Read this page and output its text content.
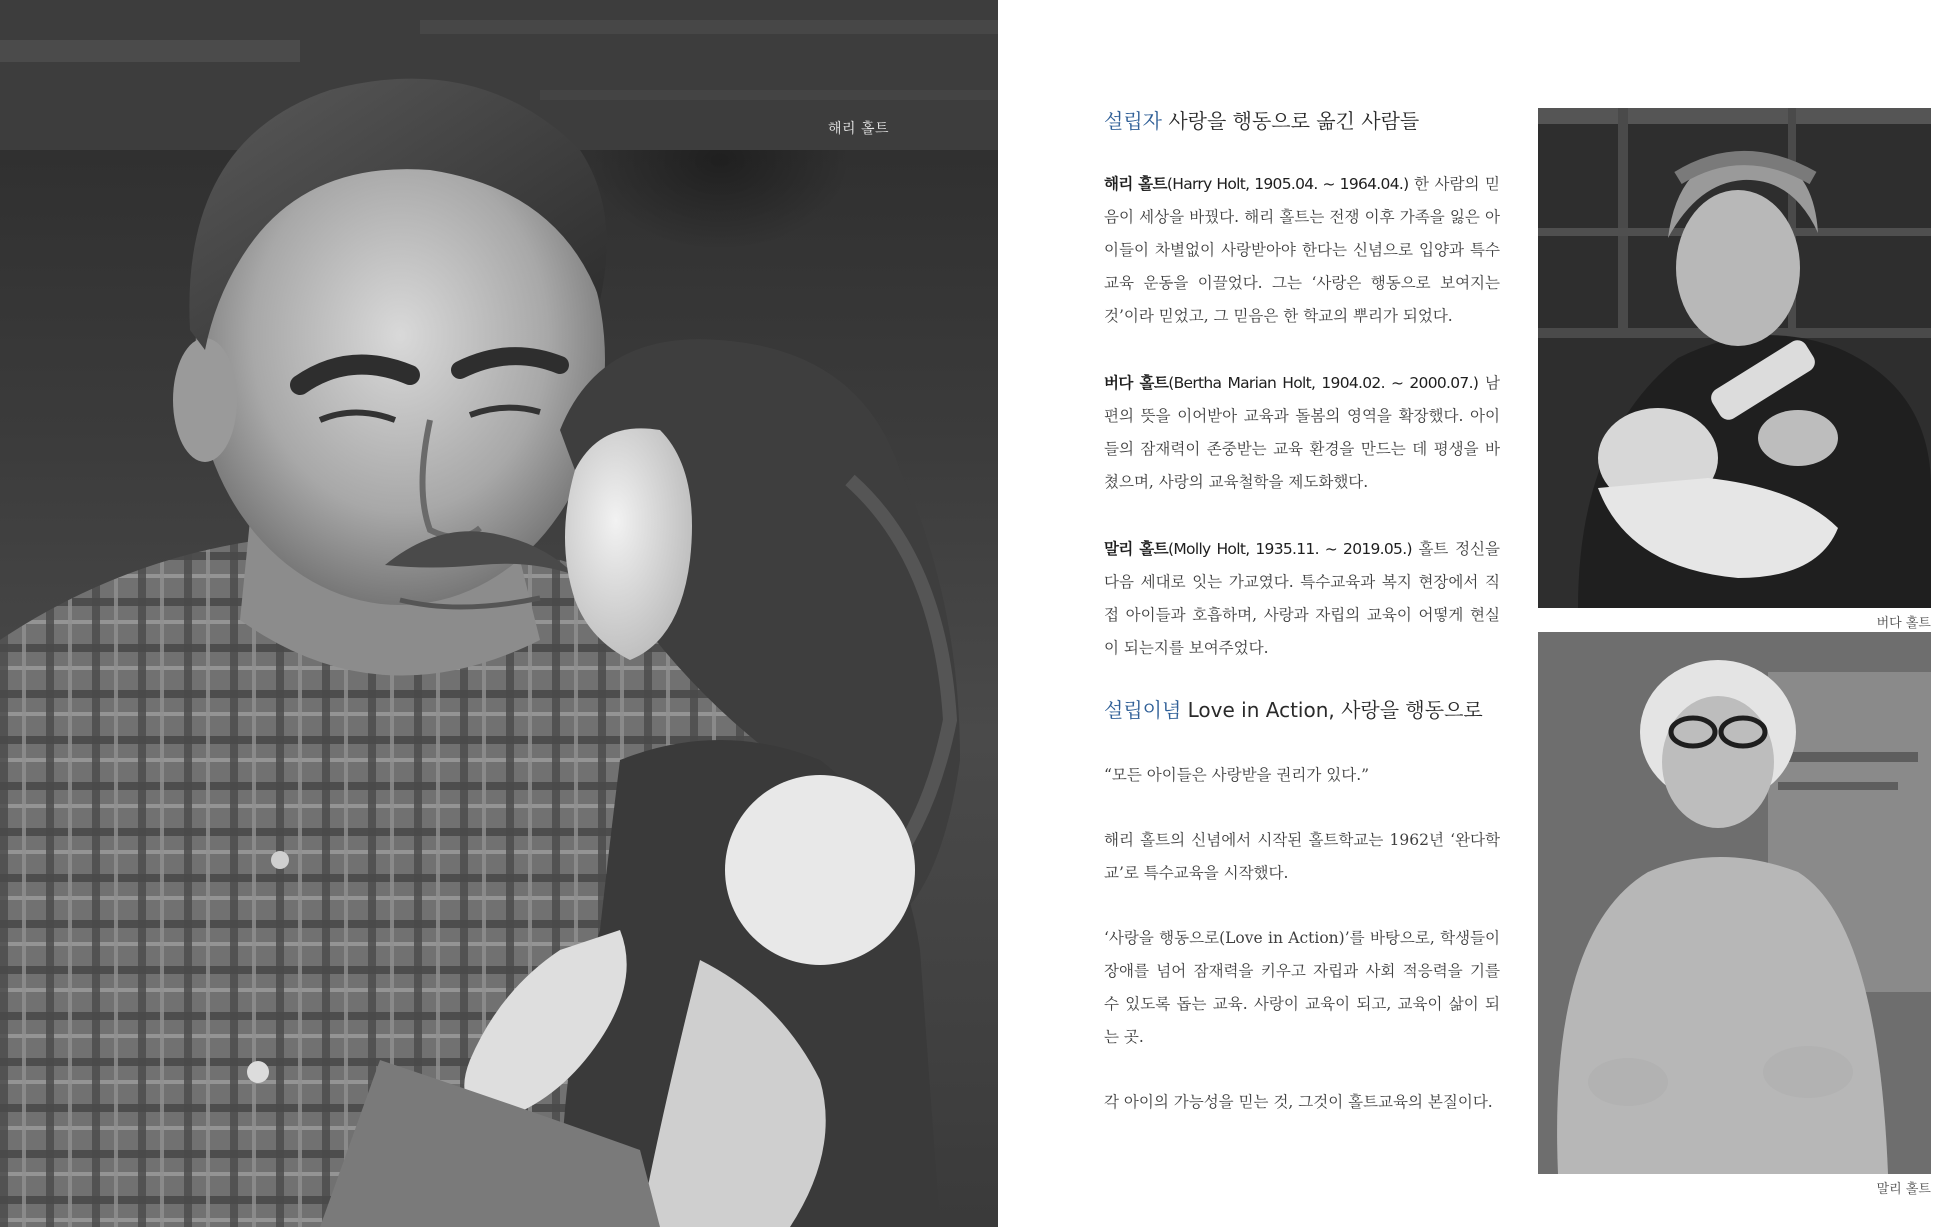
해리 홀트	설립자 사랑을 행동으로 옮긴 사람들

해리 홀트(Harry Holt, 1905.04. ~ 1964.04.) 한 사람의 믿음이 세상을 바꿨다. 해리 홀트는 전쟁 이후 가족을 잃은 아이들이 차별없이 사랑받아야 한다는 신념으로 입양과 특수교육 운동을 이끌었다. 그는 ‘사랑은 행동으로 보여지는 것’이라 믿었고, 그 믿음은 한 학교의 뿌리가 되었다.

버다 홀트(Bertha Marian Holt, 1904.02. ~ 2000.07.) 남편의 뜻을 이어받아 교육과 돌봄의 영역을 확장했다. 아이들의 잠재력이 존중받는 교육 환경을 만드는 데 평생을 바쳤으며, 사랑의 교육철학을 제도화했다.

말리 홀트(Molly Holt, 1935.11. ~ 2019.05.) 홀트 정신을 다음 세대로 잇는 가교였다. 특수교육과 복지 현장에서 직접 아이들과 호흡하며, 사랑과 자립의 교육이 어떻게 현실이 되는지를 보여주었다.

설립이념 Love in Action, 사랑을 행동으로

“모든 아이들은 사랑받을 권리가 있다.”

해리 홀트의 신념에서 시작된 홀트학교는 1962년 ‘완다학교’로 특수교육을 시작했다.

‘사랑을 행동으로(Love in Action)’를 바탕으로, 학생들이 장애를 넘어 잠재력을 키우고 자립과 사회 적응력을 기를 수 있도록 돕는 교육. 사랑이 교육이 되고, 교육이 삶이 되는 곳.

각 아이의 가능성을 믿는 것, 그것이 홀트교육의 본질이다.

버다 홀트
말리 홀트
